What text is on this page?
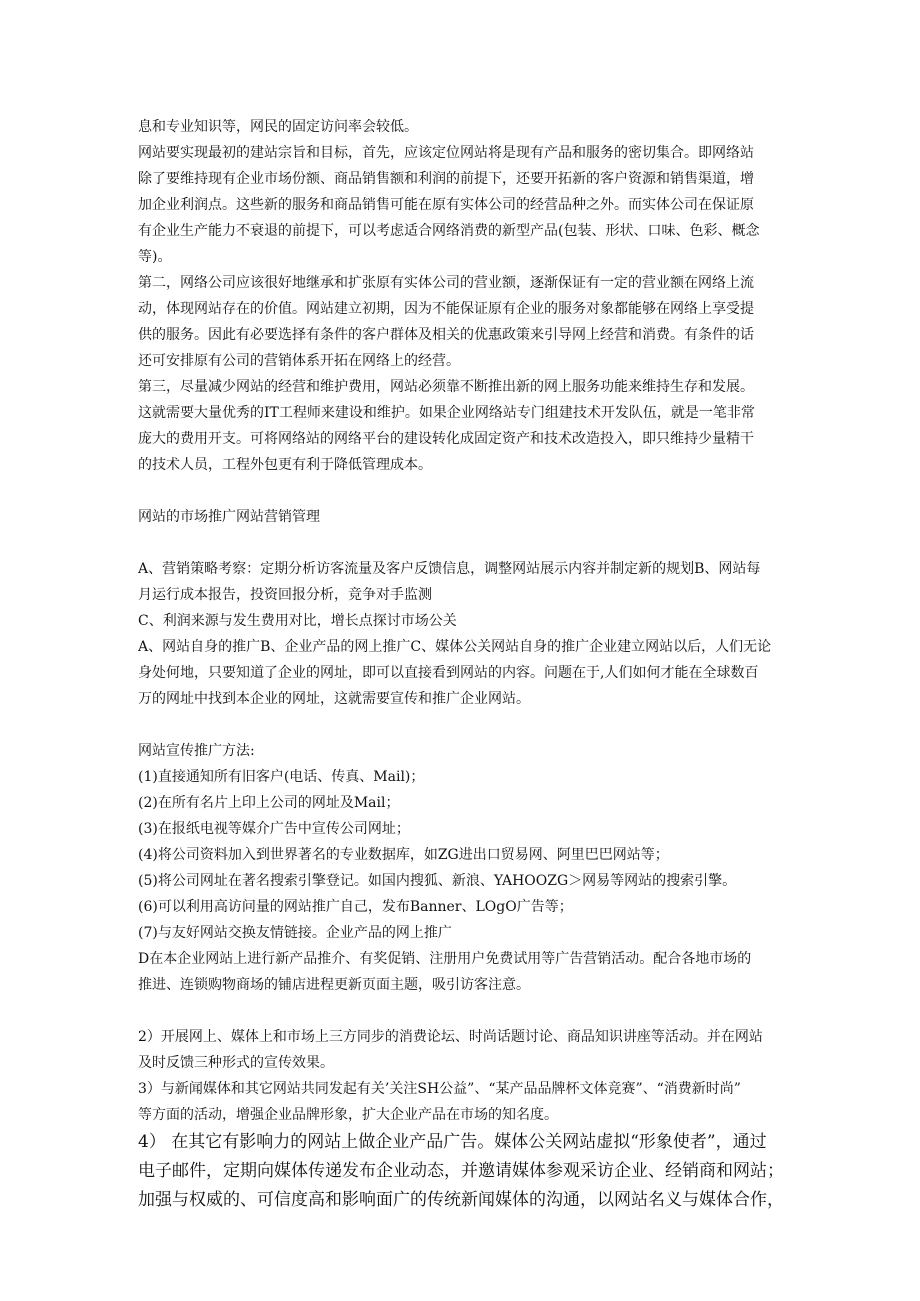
息和专业知识等，网民的固定访问率会较低。
网站要实现最初的建站宗旨和目标，首先，应该定位网站将是现有产品和服务的密切集合。即网络站
除了要维持现有企业市场份额、商品销售额和利润的前提下，还要开拓新的客户资源和销售渠道，增
加企业利润点。这些新的服务和商品销售可能在原有实体公司的经营品种之外。而实体公司在保证原
有企业生产能力不衰退的前提下，可以考虑适合网络消费的新型产品(包装、形状、口味、色彩、概念
等)。
第二，网络公司应该很好地继承和扩张原有实体公司的营业额，逐渐保证有一定的营业额在网络上流
动，体现网站存在的价值。网站建立初期，因为不能保证原有企业的服务对象都能够在网络上享受提
供的服务。因此有必要选择有条件的客户群体及相关的优惠政策来引导网上经营和消费。有条件的话
还可安排原有公司的营销体系开拓在网络上的经营。
第三，尽量减少网站的经营和维护费用，网站必须靠不断推出新的网上服务功能来维持生存和发展。
这就需要大量优秀的IT工程师来建设和维护。如果企业网络站专门组建技术开发队伍，就是一笔非常
庞大的费用开支。可将网络站的网络平台的建设转化成固定资产和技术改造投入，即只维持少量精干
的技术人员，工程外包更有利于降低管理成本。
网站的市场推广网站营销管理
A、营销策略考察：定期分析访客流量及客户反馈信息，调整网站展示内容并制定新的规划B、网站每
月运行成本报告，投资回报分析，竞争对手监测
C、利润来源与发生费用对比，增长点探讨市场公关
A、网站自身的推广B、企业产品的网上推广C、媒体公关网站自身的推广企业建立网站以后，人们无论
身处何地，只要知道了企业的网址，即可以直接看到网站的内容。问题在于,人们如何才能在全球数百
万的网址中找到本企业的网址，这就需要宣传和推广企业网站。
网站宣传推广方法:
(1)直接通知所有旧客户(电话、传真、Mail)；
(2)在所有名片上印上公司的网址及Mail；
(3)在报纸电视等媒介广告中宣传公司网址；
(4)将公司资料加入到世界著名的专业数据库，如ZG进出口贸易网、阿里巴巴网站等；
(5)将公司网址在著名搜索引擎登记。如国内搜狐、新浪、YAHOOZG＞网易等网站的搜索引擎。
(6)可以利用高访问量的网站推广自己，发布Banner、LOgO广告等；
(7)与友好网站交换友情链接。企业产品的网上推广
D在本企业网站上进行新产品推介、有奖促销、注册用户免费试用等广告营销活动。配合各地市场的
推进、连锁购物商场的铺店进程更新页面主题，吸引访客注意。
2）开展网上、媒体上和市场上三方同步的消费论坛、时尚话题讨论、商品知识讲座等活动。并在网站
及时反馈三种形式的宣传效果。
3）与新闻媒体和其它网站共同发起有关’关注SH公益”、“某产品品牌杯文体竞赛”、“消费新时尚”
等方面的活动，增强企业品牌形象，扩大企业产品在市场的知名度。
4） 在其它有影响力的网站上做企业产品广告。媒体公关网站虚拟“形象使者”，通过
电子邮件，定期向媒体传递发布企业动态，并邀请媒体参观采访企业、经销商和网站；
加强与权威的、可信度高和影响面广的传统新闻媒体的沟通，以网站名义与媒体合作，
